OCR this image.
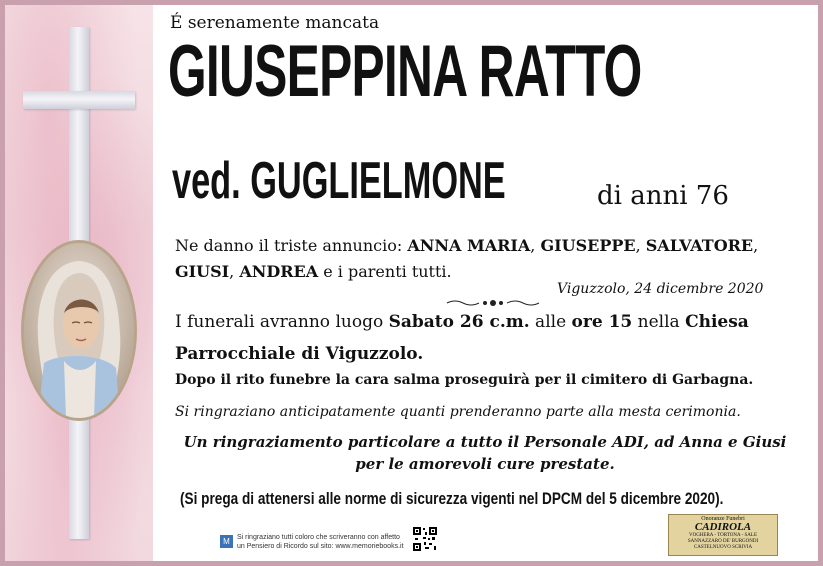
É serenamente mancata
GIUSEPPINA RATTO
ved. GUGLIELMONE	di anni 76
Ne danno il triste annuncio: ANNA MARIA, GIUSEPPE, SALVATORE,
GIUSI, ANDREA e i parenti tutti.
Viguzzolo, 24 dicembre 2020
I funerali avranno luogo Sabato 26 c.m. alle ore 15 nella Chiesa
Parrocchiale di Viguzzolo.
Dopo il rito funebre la cara salma proseguirà per il cimitero di Garbagna.
Si ringraziano anticipatamente quanti prenderanno parte alla mesta cerimonia.
Un ringraziamento particolare a tutto il Personale ADI, ad Anna e Giusi
per le amorevoli cure prestate.
(Si prega di attenersi alle norme di sicurezza vigenti nel DPCM del 5 dicembre 2020).
M	Si ringraziano tutti coloro che scriveranno con affetto
un Pensiero di Ricordo sul sito: www.memoriebooks.it
Onoranze Funebri
CADIROLA
VOGHERA - TORTONA - SALE
SANNAZZARO DE' BURGONDI
CASTELNUOVO SCRIVIA
